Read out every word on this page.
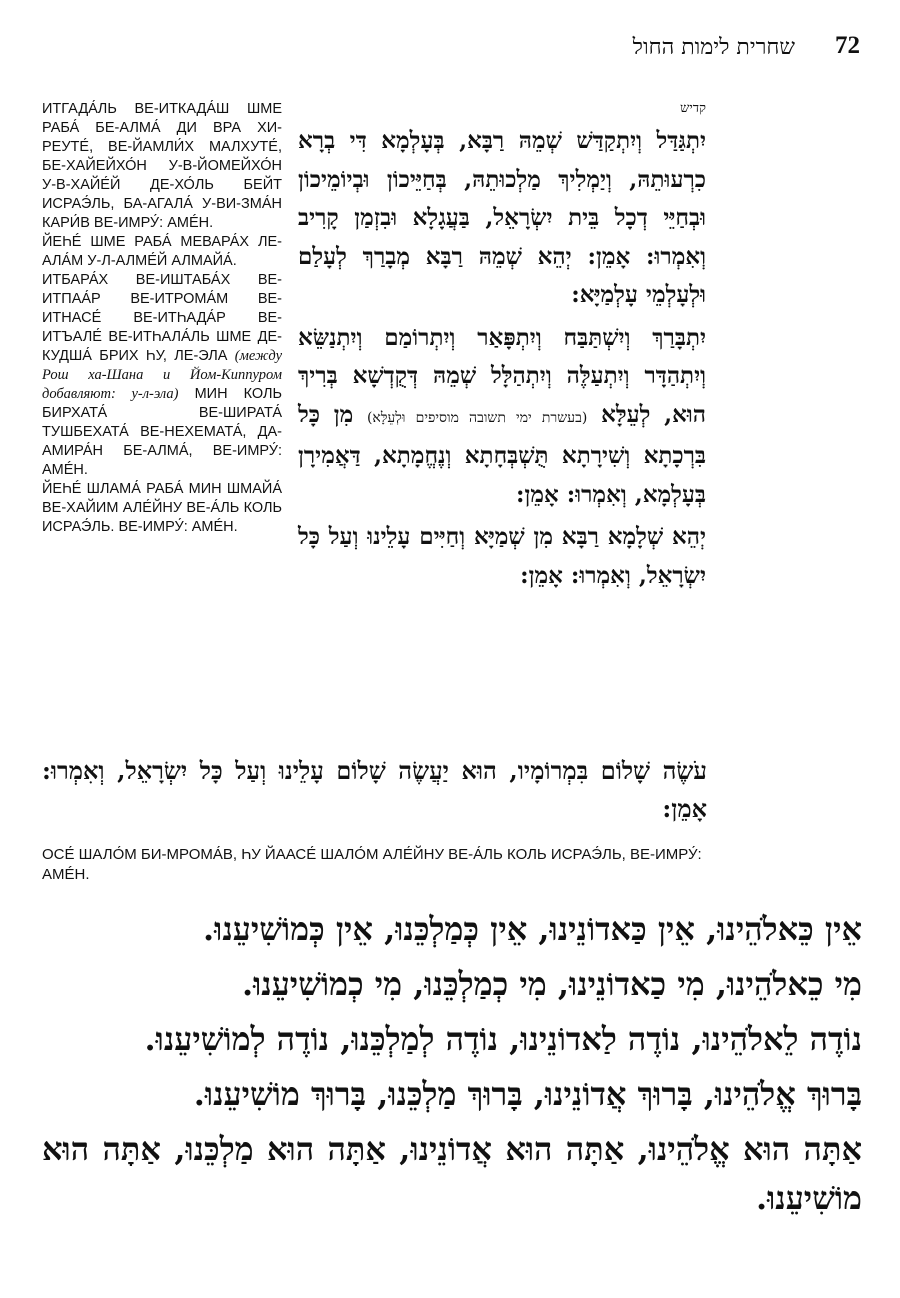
72
שחרית לימות החול
קדיש

יִתְגַּדַּל וְיִתְקַדַּשׁ שְׁמֵהּ רַבָּא, בְּעָלְמָא דִּי בְרָא כִרְעוּתֵהּ, וְיַמְלִיךְ מַלְכוּתֵהּ, בְּחַיֵּיכוֹן וּבְיוֹמֵיכוֹן וּבְחַיֵּי דְכָל בֵּית יִשְׂרָאֵל, בַּעֲגָלָא וּבִזְמַן קָרִיב וְאִמְרוּ: אָמֵן: יְהֵא שְׁמֵהּ רַבָּא מְבָרַךְ לְעָלַם וּלְעָלְמֵי עָלְמַיָּא:

יִתְבָּרַךְ וְיִשְׁתַּבַּח וְיִתְפָּאַר וְיִתְרוֹמַם וְיִתְנַשֵּׂא וְיִתְהַדָּר וְיִתְעַלֶּה וְיִתְהַלָּל שְׁמֵהּ דְּקֻדְשָׁא בְּרִיךְ הוּא, לְעֵלָּא (בעשרת ימי תשובה מוסיפים וּלְעֵלָּא) מִן כָּל בִּרְכָתָא וְשִׁירָתָא תֻּשְׁבְּחָתָא וְנֶחֱמָתָא, דַּאֲמִירָן בְּעָלְמָא, וְאִמְרוּ: אָמֵן:

יְהֵא שְׁלָמָא רַבָּא מִן שְׁמַיָּא וְחַיִּים עָלֵינוּ וְעַל כָּל יִשְׂרָאֵל, וְאִמְרוּ: אָמֵן:

ИТГАДА́ЛЬ ВЕ-ИТКАДА́Ш ШМЕ РАБА́ БЕ-АЛМА́ ДИ ВРА ХИ-РЕУТЕ́, ВЕ-ЙАМЛИ́Х МАЛХУТЕ́, БЕ-ХАЙЕЙХО́Н У-В-ЙОМЕЙХО́Н У-В-ХАЙЕ́Й ДЕ-ХО́ЛЬ БЕЙТ ИСРАЭ́ЛЬ, БА-АГАЛА́ У-ВИ-ЗМА́Н КАРИ́В ВЕ-ИМРУ́: АМÉН.

ЙЕҺÉ ШМЕ РАБА́ МЕВАРА́Х ЛЕ-АЛА́М У-Л-АЛМЕ́Й АЛМАЙА́.

ИТБАРА́Х ВЕ-ИШТАБА́Х ВЕ-ИТПАА́Р ВЕ-ИТРОМА́М ВЕ-ИТНАСЕ́ ВЕ-ИТҺАДА́Р ВЕ-ИТЪАЛЕ́ ВЕ-ИТҺАЛА́ЛЬ ШМЕ ДЕ-КУДША́ БРИХ ҺУ, ЛЕ-ЭЛА (между Рош ха-Шана и Йом-Киппуром добавляют: у-л-эла) МИН КОЛЬ БИРХАТА́ ВЕ-ШИРАТА́ ТУШБЕХАТА́ ВЕ-НЕХЕМАТА́, ДА-АМИРА́Н БЕ-АЛМА́, ВЕ-ИМРУ́: АМÉН.

ЙЕҺÉ ШЛАМА́ РАБА́ МИН ШМАЙА́ ВЕ-ХАЙИМ АЛЕ́ЙНУ ВЕ-А́ЛЬ КОЛЬ ИСРАЭ́ЛЬ. ВЕ-ИМРУ́: АМÉН.

עֹשֶׂה שָׁלוֹם בִּמְרוֹמָיו, הוּא יַעֲשֶׂה שָׁלוֹם עָלֵינוּ וְעַל כָּל יִשְׂרָאֵל, וְאִמְרוּ: אָמֵן:

ОСЕ́ ШАЛО́М БИ-МРОМА́В, ҺУ ЙААСЕ́ ШАЛО́М АЛЕ́ЙНУ ВЕ-А́ЛЬ КОЛЬ ИСРАЭ́ЛЬ, ВЕ-ИМРУ́: АМÉН.

אֵין כֵּאלֹהֵינוּ, אֵין כַּאדוֹנֵינוּ, אֵין כְּמַלְכֵּנוּ, אֵין כְּמוֹשִׁיעֵנוּ.

מִי כֵאלֹהֵינוּ, מִי כַאדוֹנֵינוּ, מִי כְמַלְכֵּנוּ, מִי כְמוֹשִׁיעֵנוּ.

נוֹדֶה לֵאלֹהֵינוּ, נוֹדֶה לַאדוֹנֵינוּ, נוֹדֶה לְמַלְכֵּנוּ, נוֹדֶה לְמוֹשִׁיעֵנוּ.

בָּרוּךְ אֱלֹהֵינוּ, בָּרוּךְ אֲדוֹנֵינוּ, בָּרוּךְ מַלְכֵּנוּ, בָּרוּךְ מוֹשִׁיעֵנוּ.

אַתָּה הוּא אֱלֹהֵינוּ, אַתָּה הוּא אֲדוֹנֵינוּ, אַתָּה הוּא מַלְכֵּנוּ, אַתָּה הוּא מוֹשִׁיעֵנוּ.
